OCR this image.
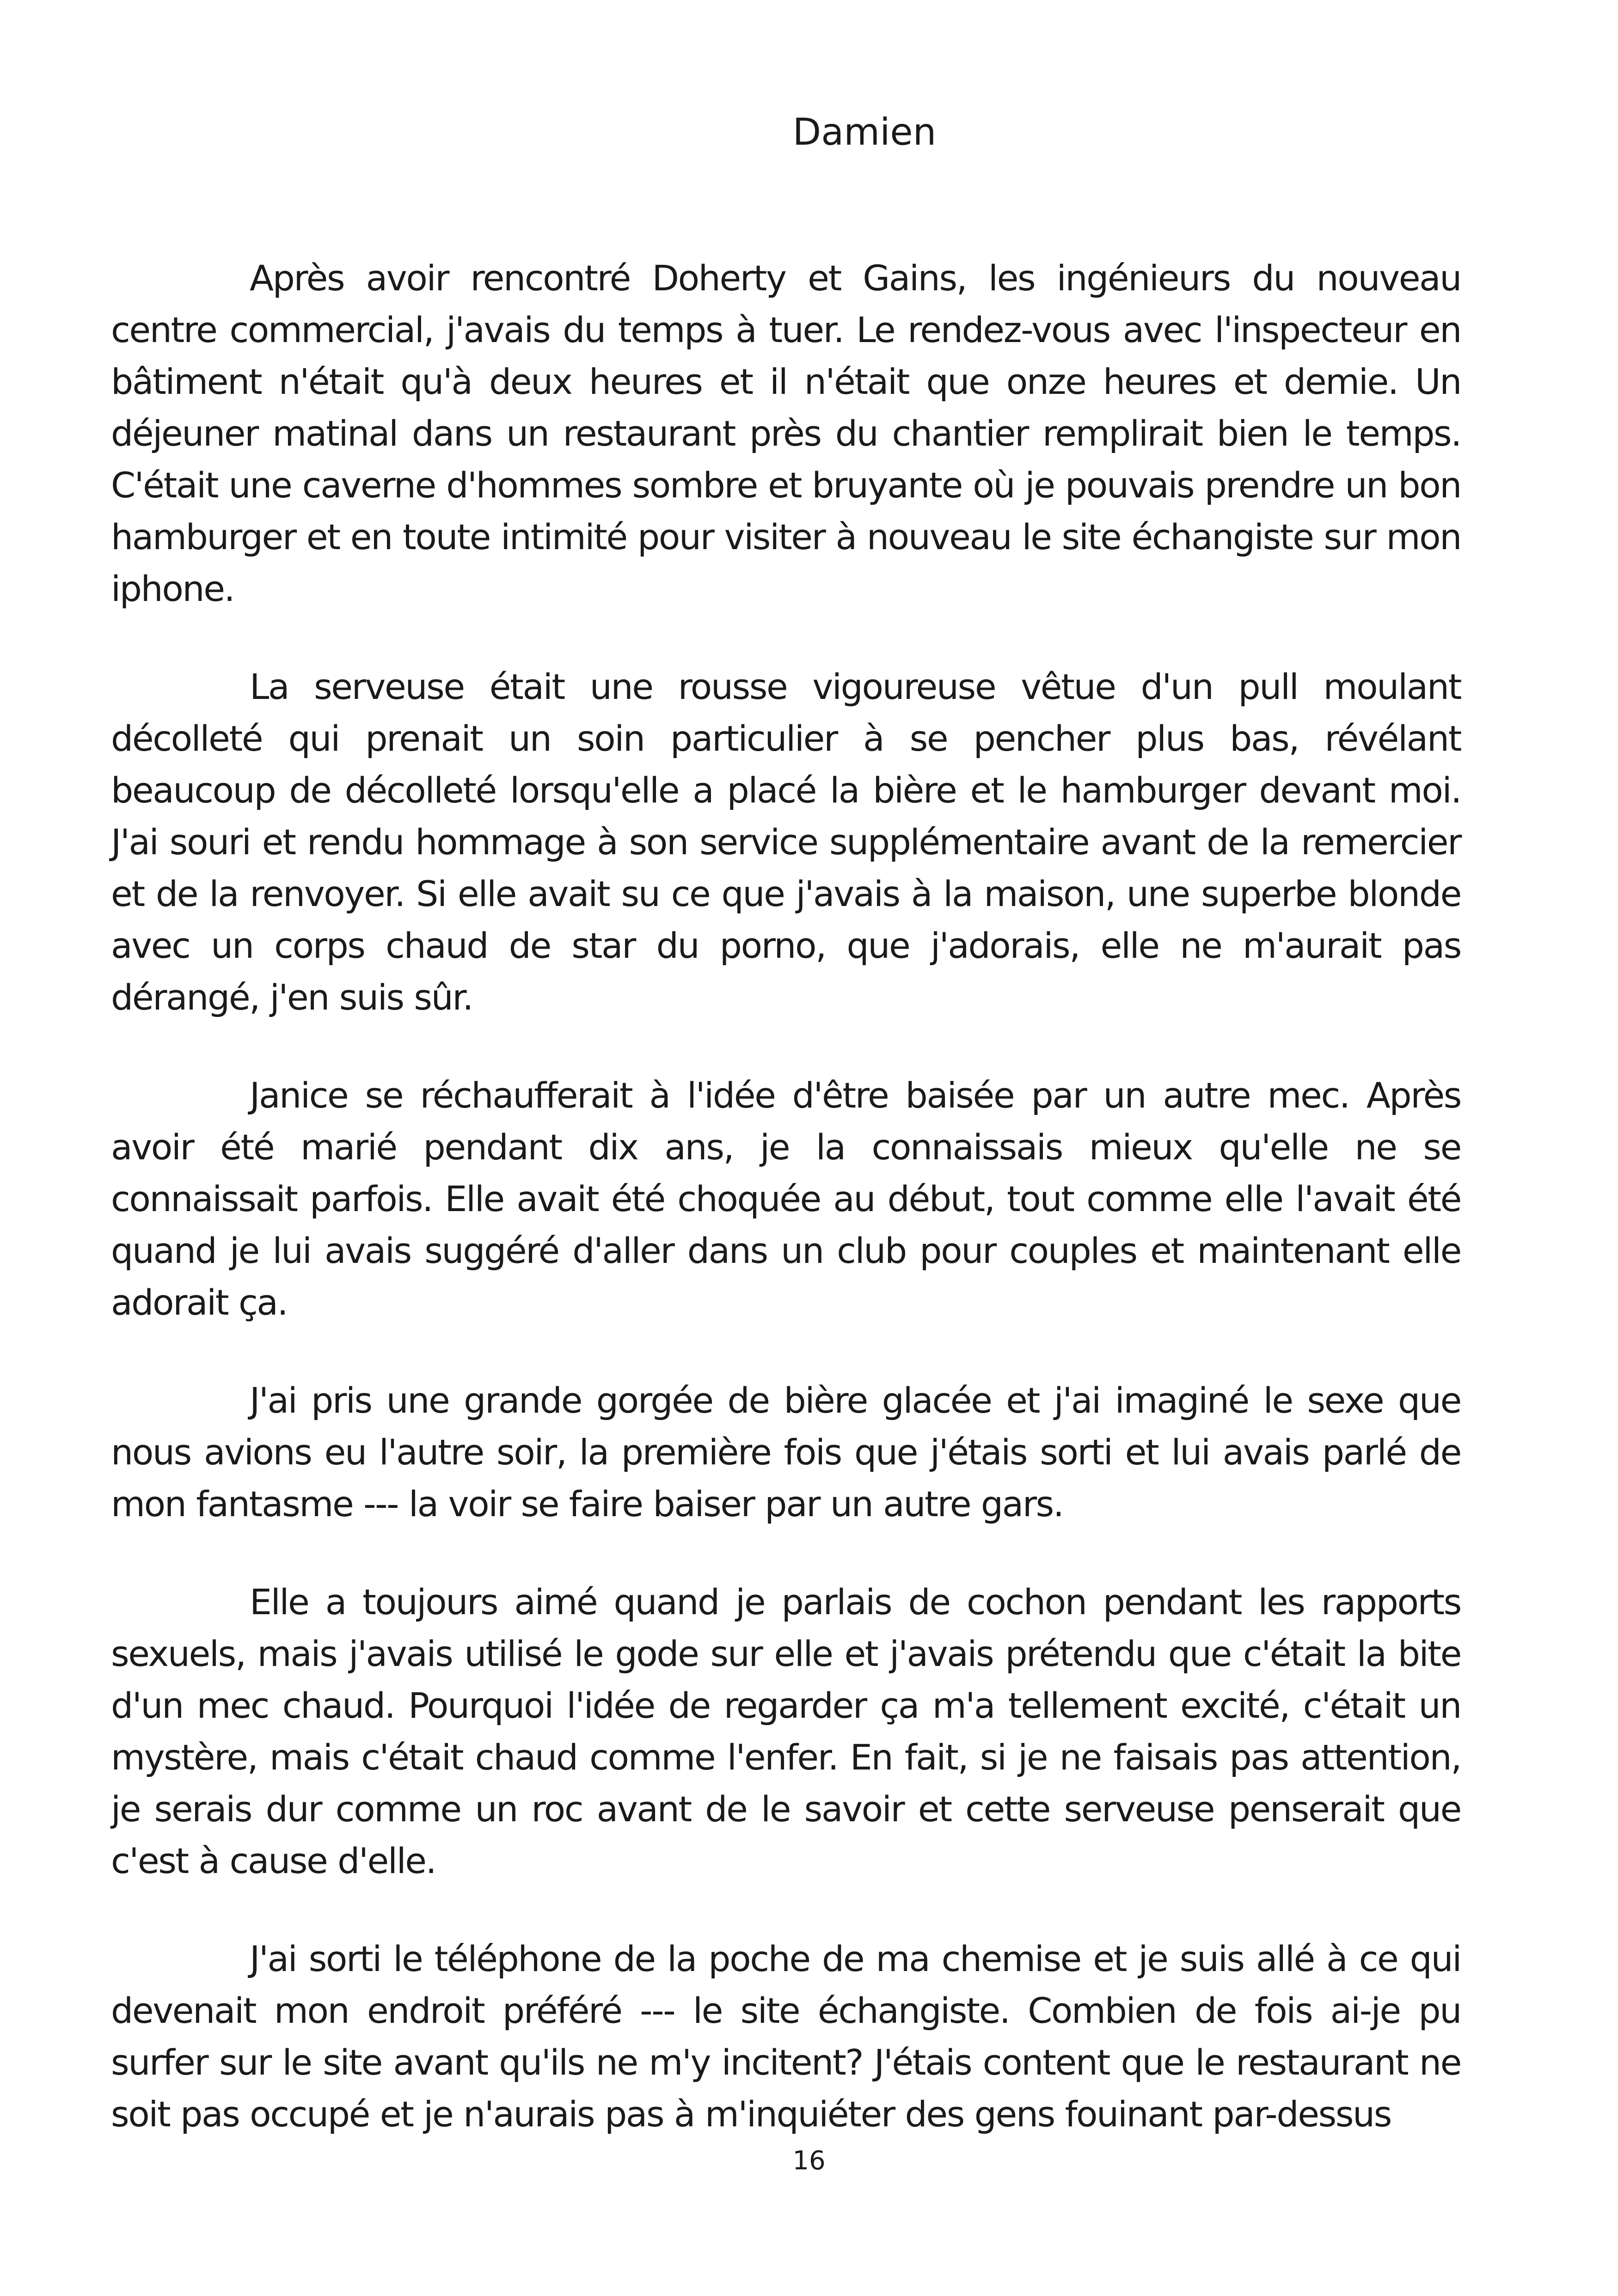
Damien

Après avoir rencontré Doherty et Gains, les ingénieurs du nouveau centre commercial, j'avais du temps à tuer. Le rendez-vous avec l'inspecteur en bâtiment n'était qu'à deux heures et il n'était que onze heures et demie. Un déjeuner matinal dans un restaurant près du chantier remplirait bien le temps. C'était une caverne d'hommes sombre et bruyante où je pouvais prendre un bon hamburger et en toute intimité pour visiter à nouveau le site échangiste sur mon iphone.

La serveuse était une rousse vigoureuse vêtue d'un pull moulant décolleté qui prenait un soin particulier à se pencher plus bas, révélant beaucoup de décolleté lorsqu'elle a placé la bière et le hamburger devant moi. J'ai souri et rendu hommage à son service supplémentaire avant de la remercier et de la renvoyer. Si elle avait su ce que j'avais à la maison, une superbe blonde avec un corps chaud de star du porno, que j'adorais, elle ne m'aurait pas dérangé, j'en suis sûr.

Janice se réchaufferait à l'idée d'être baisée par un autre mec. Après avoir été marié pendant dix ans, je la connaissais mieux qu'elle ne se connaissait parfois. Elle avait été choquée au début, tout comme elle l'avait été quand je lui avais suggéré d'aller dans un club pour couples et maintenant elle adorait ça.

J'ai pris une grande gorgée de bière glacée et j'ai imaginé le sexe que nous avions eu l'autre soir, la première fois que j'étais sorti et lui avais parlé de mon fantasme --- la voir se faire baiser par un autre gars.

Elle a toujours aimé quand je parlais de cochon pendant les rapports sexuels, mais j'avais utilisé le gode sur elle et j'avais prétendu que c'était la bite d'un mec chaud. Pourquoi l'idée de regarder ça m'a tellement excité, c'était un mystère, mais c'était chaud comme l'enfer. En fait, si je ne faisais pas attention, je serais dur comme un roc avant de le savoir et cette serveuse penserait que c'est à cause d'elle.

J'ai sorti le téléphone de la poche de ma chemise et je suis allé à ce qui devenait mon endroit préféré --- le site échangiste. Combien de fois ai-je pu surfer sur le site avant qu'ils ne m'y incitent? J'étais content que le restaurant ne soit pas occupé et je n'aurais pas à m'inquiéter des gens fouinant par-dessus

16
